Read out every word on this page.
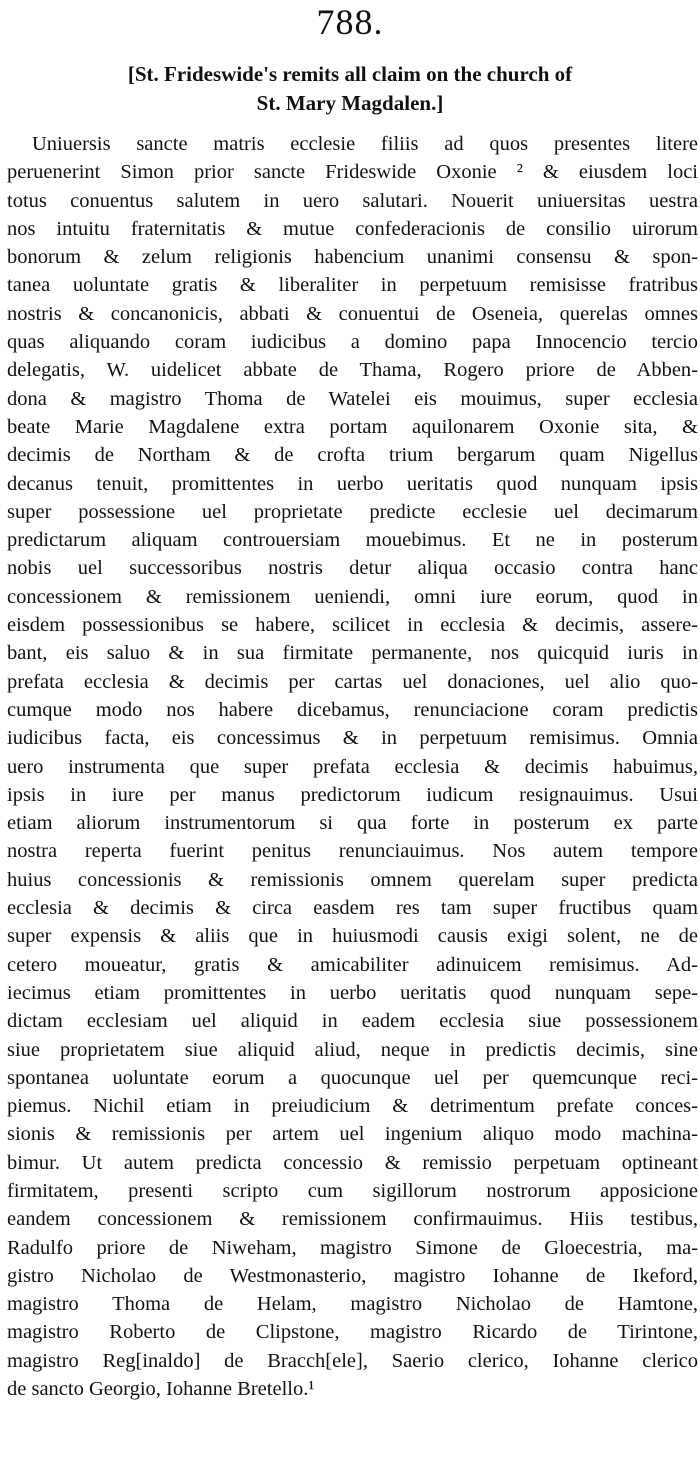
788.
[St. Frideswide's remits all claim on the church of
St. Mary Magdalen.]
Uniuersis sancte matris ecclesie filiis ad quos presentes litere
peruenerint Simon prior sancte Frideswide Oxonie ² & eiusdem loci
totus conuentus salutem in uero salutari. Nouerit uniuersitas uestra
nos intuitu fraternitatis & mutue confederacionis de consilio uirorum
bonorum & zelum religionis habencium unanimi consensu & spon-
tanea uoluntate gratis & liberaliter in perpetuum remisisse fratribus
nostris & concanonicis, abbati & conuentui de Oseneia, querelas omnes
quas aliquando coram iudicibus a domino papa Innocencio tercio
delegatis, W. uidelicet abbate de Thama, Rogero priore de Abben-
dona & magistro Thoma de Watelei eis mouimus, super ecclesia
beate Marie Magdalene extra portam aquilonarem Oxonie sita, &
decimis de Northam & de crofta trium bergarum quam Nigellus
decanus tenuit, promittentes in uerbo ueritatis quod nunquam ipsis
super possessione uel proprietate predicte ecclesie uel decimarum
predictarum aliquam controuersiam mouebimus. Et ne in posterum
nobis uel successoribus nostris detur aliqua occasio contra hanc
concessionem & remissionem ueniendi, omni iure eorum, quod in
eisdem possessionibus se habere, scilicet in ecclesia & decimis, assere-
bant, eis saluo & in sua firmitate permanente, nos quicquid iuris in
prefata ecclesia & decimis per cartas uel donaciones, uel alio quo-
cumque modo nos habere dicebamus, renunciacione coram predictis
iudicibus facta, eis concessimus & in perpetuum remisimus. Omnia
uero instrumenta que super prefata ecclesia & decimis habuimus,
ipsis in iure per manus predictorum iudicum resignauimus. Usui
etiam aliorum instrumentorum si qua forte in posterum ex parte
nostra reperta fuerint penitus renunciauimus. Nos autem tempore
huius concessionis & remissionis omnem querelam super predicta
ecclesia & decimis & circa easdem res tam super fructibus quam
super expensis & aliis que in huiusmodi causis exigi solent, ne de
cetero moueatur, gratis & amicabiliter adinuicem remisimus. Ad-
iecimus etiam promittentes in uerbo ueritatis quod nunquam sepe-
dictam ecclesiam uel aliquid in eadem ecclesia siue possessionem
siue proprietatem siue aliquid aliud, neque in predictis decimis, sine
spontanea uoluntate eorum a quocunque uel per quemcunque reci-
piemus. Nichil etiam in preiudicium & detrimentum prefate conces-
sionis & remissionis per artem uel ingenium aliquo modo machina-
bimur. Ut autem predicta concessio & remissio perpetuam optineant
firmitatem, presenti scripto cum sigillorum nostrorum apposicione
eandem concessionem & remissionem confirmauimus. Hiis testibus,
Radulfo priore de Niweham, magistro Simone de Gloecestria, ma-
gistro Nicholao de Westmonasterio, magistro Iohanne de Ikeford,
magistro Thoma de Helam, magistro Nicholao de Hamtone,
magistro Roberto de Clipstone, magistro Ricardo de Tirintone,
magistro Reg[inaldo] de Bracch[ele], Saerio clerico, Iohanne clerico
de sancto Georgio, Iohanne Bretello.¹
